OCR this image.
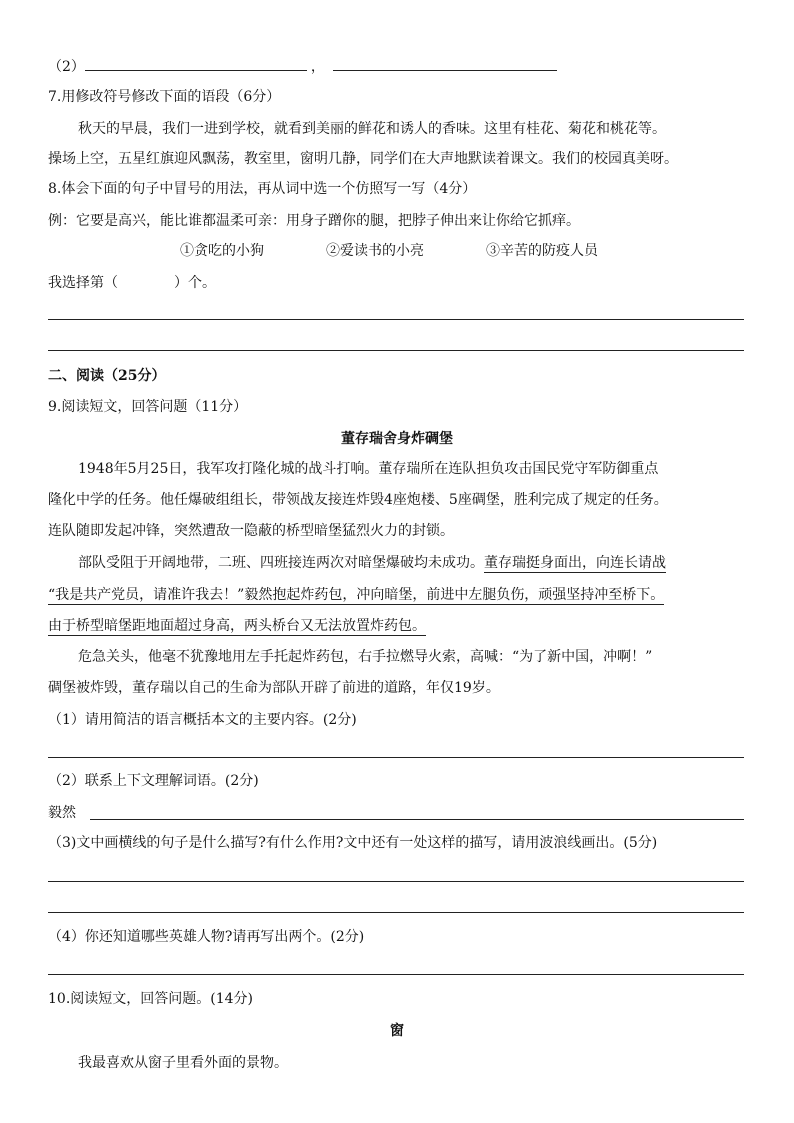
（2）	，
7.用修改符号修改下面的语段（6分）
秋天的早晨，我们一进到学校，就看到美丽的鲜花和诱人的香味。这里有桂花、菊花和桃花等。
操场上空，五星红旗迎风飘荡，教室里，窗明几静，同学们在大声地默读着课文。我们的校园真美呀。
8.体会下面的句子中冒号的用法，再从词中选一个仿照写一写（4分）
例：它要是高兴，能比谁都温柔可亲：用身子蹭你的腿，把脖子伸出来让你给它抓痒。
①贪吃的小狗	②爱读书的小亮	③辛苦的防疫人员
我选择第（　　　　）个。
二、阅读（25分）
9.阅读短文，回答问题（11分）
董存瑞舍身炸碉堡
1948年5月25日，我军攻打隆化城的战斗打响。董存瑞所在连队担负攻击国民党守军防御重点
隆化中学的任务。他任爆破组组长，带领战友接连炸毁4座炮楼、5座碉堡，胜利完成了规定的任务。
连队随即发起冲锋，突然遭敌一隐蔽的桥型暗堡猛烈火力的封锁。
部队受阻于开阔地带，二班、四班接连两次对暗堡爆破均未成功。董存瑞挺身面出，向连长请战
“我是共产党员，请准许我去！”毅然抱起炸药包，冲向暗堡，前进中左腿负伤，顽强坚持冲至桥下。
由于桥型暗堡距地面超过身高，两头桥台又无法放置炸药包。
危急关头，他毫不犹豫地用左手托起炸药包，右手拉燃导火索，高喊：“为了新中国，冲啊！”
碉堡被炸毁，董存瑞以自己的生命为部队开辟了前进的道路，年仅19岁。
（1）请用简洁的语言概括本文的主要内容。(2分)
（2）联系上下文理解词语。(2分)
毅然
（3)文中画横线的句子是什么描写?有什么作用?文中还有一处这样的描写，请用波浪线画出。(5分)
（4）你还知道哪些英雄人物?请再写出两个。(2分)
10.阅读短文，回答问题。(14分)
窗
我最喜欢从窗子里看外面的景物。
